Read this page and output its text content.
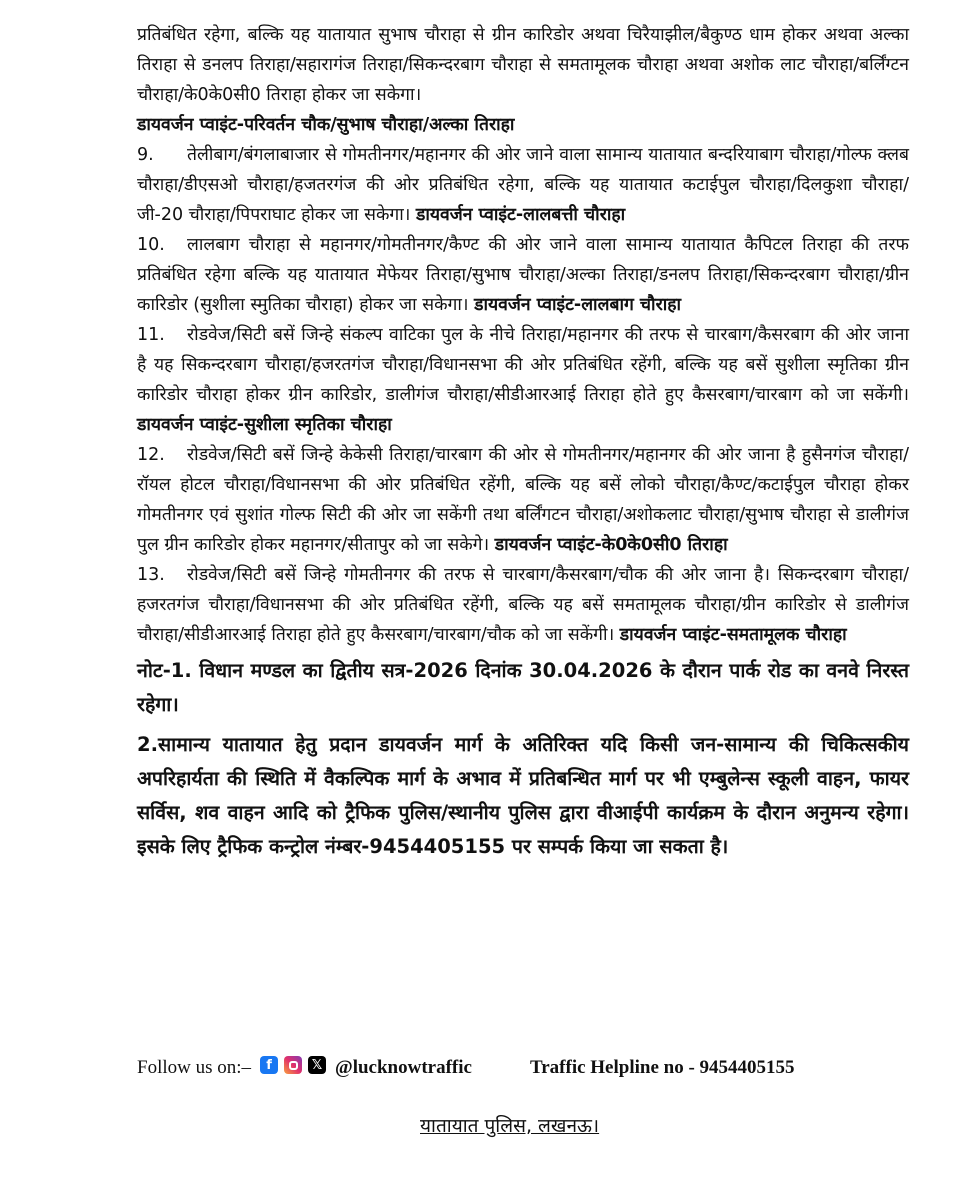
प्रतिबंधित रहेगा, बल्कि यह यातायात सुभाष चौराहा से ग्रीन कारिडोर अथवा चिरैयाझील/बैकुण्ठ धाम होकर अथवा अल्का तिराहा से डनलप तिराहा/सहारागंज तिराहा/सिकन्दरबाग चौराहा से समतामूलक चौराहा अथवा अशोक लाट चौराहा/बर्लिंग्टन चौराहा/के0के0सी0 तिराहा होकर जा सकेगा।

डायवर्जन प्वाइंट-परिवर्तन चौक/सुभाष चौराहा/अल्का तिराहा

9. तेलीबाग/बंगलाबाजार से गोमतीनगर/महानगर की ओर जाने वाला सामान्य यातायात बन्दरियाबाग चौराहा/गोल्फ क्लब चौराहा/डीएसओ चौराहा/हजतरगंज की ओर प्रतिबंधित रहेगा, बल्कि यह यातायात कटाईपुल चौराहा/दिलकुशा चौराहा/जी-20 चौराहा/पिपराघाट होकर जा सकेगा। डायवर्जन प्वाइंट-लालबत्ती चौराहा

10. लालबाग चौराहा से महानगर/गोमतीनगर/कैण्ट की ओर जाने वाला सामान्य यातायात कैपिटल तिराहा की तरफ प्रतिबंधित रहेगा बल्कि यह यातायात मेफेयर तिराहा/सुभाष चौराहा/अल्का तिराहा/डनलप तिराहा/सिकन्दरबाग चौराहा/ग्रीन कारिडोर (सुशीला स्मुतिका चौराहा) होकर जा सकेगा। डायवर्जन प्वाइंट-लालबाग चौराहा

11. रोडवेज/सिटी बसें जिन्हे संकल्प वाटिका पुल के नीचे तिराहा/महानगर की तरफ से चारबाग/कैसरबाग की ओर जाना है यह सिकन्दरबाग चौराहा/हजरतगंज चौराहा/विधानसभा की ओर प्रतिबंधित रहेंगी, बल्कि यह बसें सुशीला स्मृतिका ग्रीन कारिडोर चौराहा होकर ग्रीन कारिडोर, डालीगंज चौराहा/सीडीआरआई तिराहा होते हुए कैसरबाग/चारबाग को जा सकेंगी। डायवर्जन प्वाइंट-सुशीला स्मृतिका चौराहा

12. रोडवेज/सिटी बसें जिन्हे केकेसी तिराहा/चारबाग की ओर से गोमतीनगर/महानगर की ओर जाना है हुसैनगंज चौराहा/रॉयल होटल चौराहा/विधानसभा की ओर प्रतिबंधित रहेंगी, बल्कि यह बसें लोको चौराहा/कैण्ट/कटाईपुल चौराहा होकर गोमतीनगर एवं सुशांत गोल्फ सिटी की ओर जा सकेंगी तथा बर्लिंगटन चौराहा/अशोकलाट चौराहा/सुभाष चौराहा से डालीगंज पुल ग्रीन कारिडोर होकर महानगर/सीतापुर को जा सकेगे। डायवर्जन प्वाइंट-के0के0सी0 तिराहा

13. रोडवेज/सिटी बसें जिन्हे गोमतीनगर की तरफ से चारबाग/कैसरबाग/चौक की ओर जाना है। सिकन्दरबाग चौराहा/हजरतगंज चौराहा/विधानसभा की ओर प्रतिबंधित रहेंगी, बल्कि यह बसें समतामूलक चौराहा/ग्रीन कारिडोर से डालीगंज चौराहा/सीडीआरआई तिराहा होते हुए कैसरबाग/चारबाग/चौक को जा सकेंगी। डायवर्जन प्वाइंट-समतामूलक चौराहा

नोट-1. विधान मण्डल का द्वितीय सत्र-2026 दिनांक 30.04.2026 के दौरान पार्क रोड का वनवे निरस्त रहेगा।

2.सामान्य यातायात हेतु प्रदान डायवर्जन मार्ग के अतिरिक्त यदि किसी जन-सामान्य की चिकित्सकीय अपरिहार्यता की स्थिति में वैकल्पिक मार्ग के अभाव में प्रतिबन्धित मार्ग पर भी एम्बुलेन्स स्कूली वाहन, फायर सर्विस, शव वाहन आदि को ट्रैफिक पुलिस/स्थानीय पुलिस द्वारा वीआईपी कार्यक्रम के दौरान अनुमन्य रहेगा। इसके लिए ट्रैफिक कन्ट्रोल नंम्बर-9454405155 पर सम्पर्क किया जा सकता है।

Follow us on:–	f	𝕏 @lucknowtraffic	Traffic Helpline no - 9454405155
यातायात पुलिस, लखनऊ।
